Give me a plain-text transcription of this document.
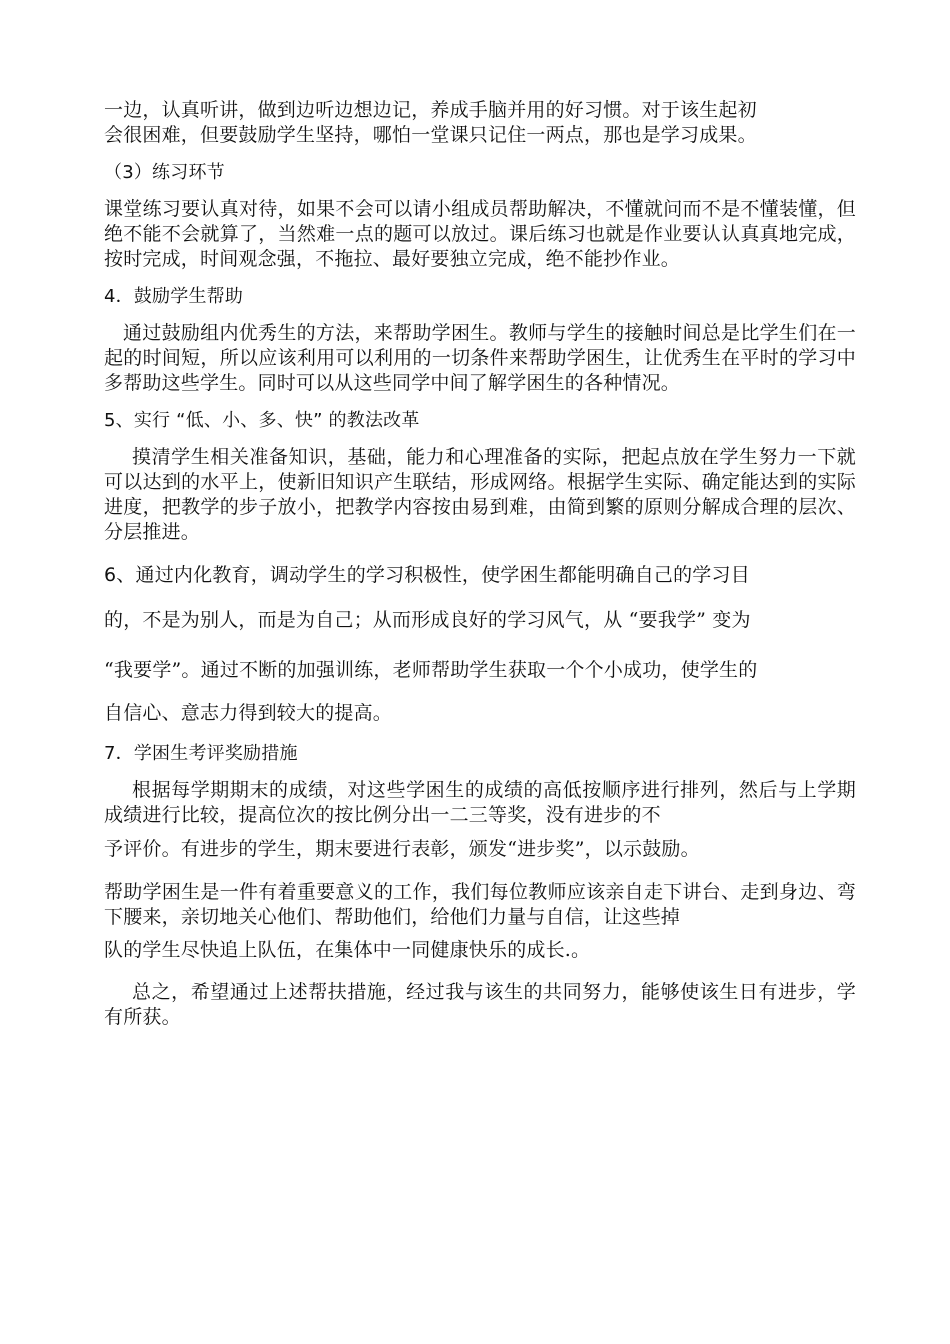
一边，认真听讲，做到边听边想边记，养成手脑并用的好习惯。对于该生起初
会很困难，但要鼓励学生坚持，哪怕一堂课只记住一两点，那也是学习成果。

（3）练习环节

课堂练习要认真对待，如果不会可以请小组成员帮助解决，不懂就问而不是不懂装懂，但绝不能不会就算了，当然难一点的题可以放过。课后练习也就是作业要认认真真地完成，按时完成，时间观念强，不拖拉、最好要独立完成，绝不能抄作业。

4．鼓励学生帮助

通过鼓励组内优秀生的方法，来帮助学困生。教师与学生的接触时间总是比学生们在一起的时间短，所以应该利用可以利用的一切条件来帮助学困生，让优秀生在平时的学习中多帮助这些学生。同时可以从这些同学中间了解学困生的各种情况。

5、实行 “低、小、多、快” 的教法改革

摸清学生相关准备知识，基础，能力和心理准备的实际，把起点放在学生努力一下就可以达到的水平上，使新旧知识产生联结，形成网络。根据学生实际、确定能达到的实际进度，把教学的步子放小，把教学内容按由易到难，由简到繁的原则分解成合理的层次、分层推进。

6、通过内化教育，调动学生的学习积极性，使学困生都能明确自己的学习目
的，不是为别人，而是为自己；从而形成良好的学习风气，从 “要我学” 变为
“我要学”。通过不断的加强训练，老师帮助学生获取一个个小成功，使学生的
自信心、意志力得到较大的提高。

7．学困生考评奖励措施

根据每学期期末的成绩，对这些学困生的成绩的高低按顺序进行排列，然后与上学期成绩进行比较，提高位次的按比例分出一二三等奖，没有进步的不

予评价。有进步的学生，期末要进行表彰，颁发“进步奖”，以示鼓励。

帮助学困生是一件有着重要意义的工作，我们每位教师应该亲自走下讲台、走到身边、弯下腰来，亲切地关心他们、帮助他们，给他们力量与自信，让这些掉

队的学生尽快追上队伍，在集体中一同健康快乐的成长.。

总之，希望通过上述帮扶措施，经过我与该生的共同努力，能够使该生日有进步，学有所获。
